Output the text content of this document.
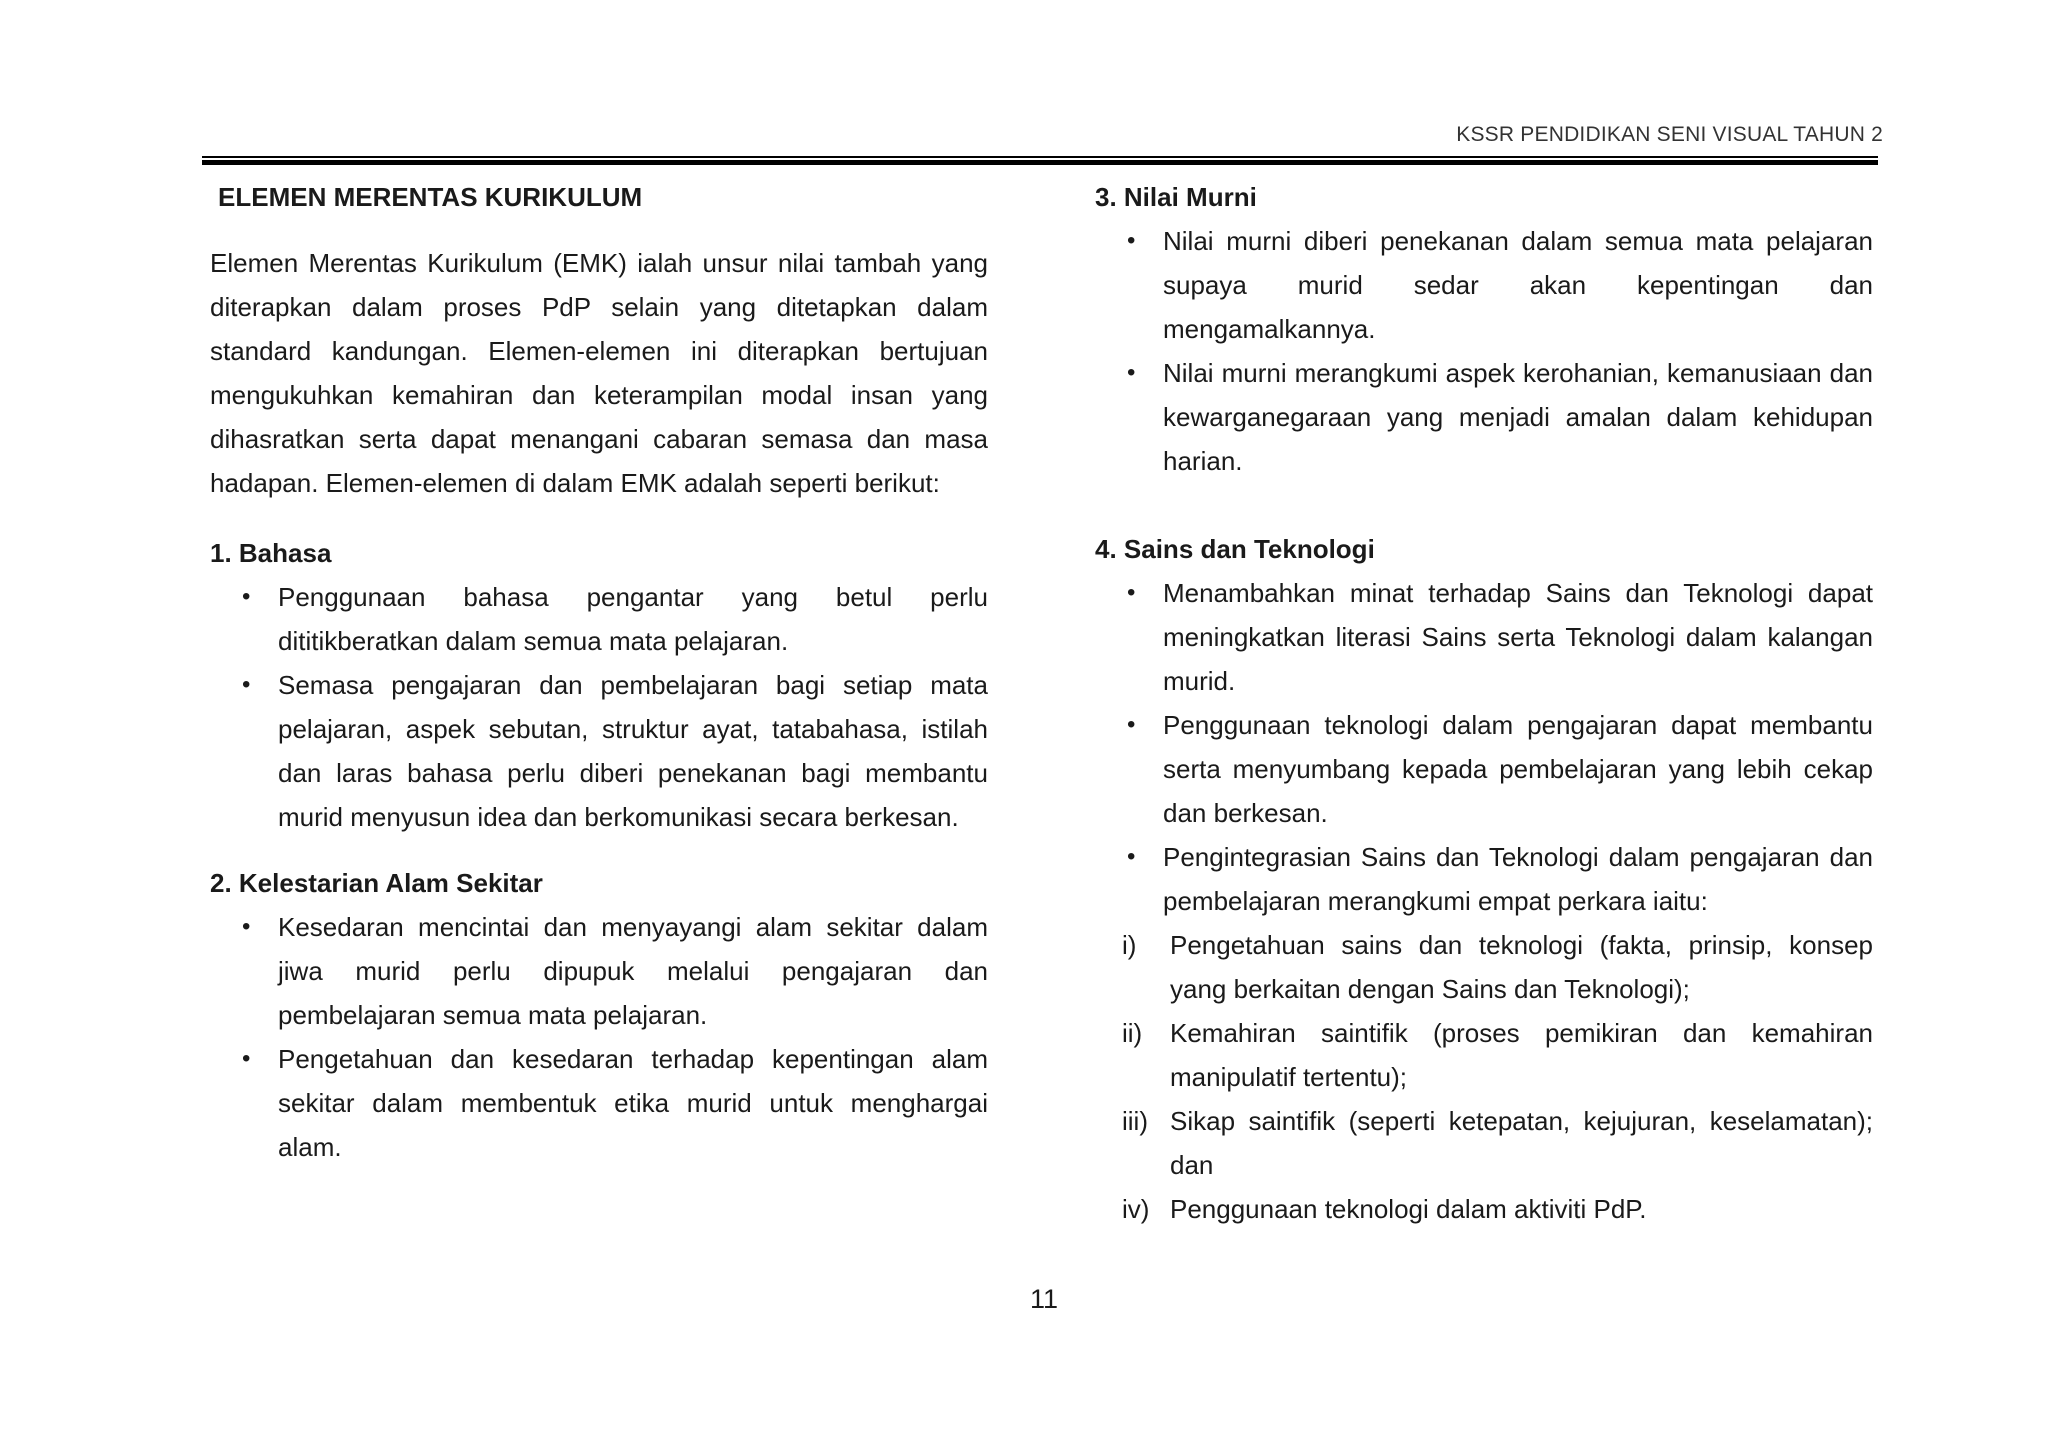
KSSR PENDIDIKAN SENI VISUAL TAHUN 2
ELEMEN MERENTAS KURIKULUM
Elemen Merentas Kurikulum (EMK) ialah unsur nilai tambah yang diterapkan dalam proses PdP selain yang ditetapkan dalam standard kandungan. Elemen-elemen ini diterapkan bertujuan mengukuhkan kemahiran dan keterampilan modal insan yang dihasratkan serta dapat menangani cabaran semasa dan masa hadapan. Elemen-elemen di dalam EMK adalah seperti berikut:
1. Bahasa
• Penggunaan bahasa pengantar yang betul perlu dititikberatkan dalam semua mata pelajaran.
• Semasa pengajaran dan pembelajaran bagi setiap mata pelajaran, aspek sebutan, struktur ayat, tatabahasa, istilah dan laras bahasa perlu diberi penekanan bagi membantu murid menyusun idea dan berkomunikasi secara berkesan.
2. Kelestarian Alam Sekitar
• Kesedaran mencintai dan menyayangi alam sekitar dalam jiwa murid perlu dipupuk melalui pengajaran dan pembelajaran semua mata pelajaran.
• Pengetahuan dan kesedaran terhadap kepentingan alam sekitar dalam membentuk etika murid untuk menghargai alam.
3. Nilai Murni
• Nilai murni diberi penekanan dalam semua mata pelajaran supaya murid sedar akan kepentingan dan mengamalkannya.
• Nilai murni merangkumi aspek kerohanian, kemanusiaan dan kewarganegaraan yang menjadi amalan dalam kehidupan harian.
4. Sains dan Teknologi
• Menambahkan minat terhadap Sains dan Teknologi dapat meningkatkan literasi Sains serta Teknologi dalam kalangan murid.
• Penggunaan teknologi dalam pengajaran dapat membantu serta menyumbang kepada pembelajaran yang lebih cekap dan berkesan.
• Pengintegrasian Sains dan Teknologi dalam pengajaran dan pembelajaran merangkumi empat perkara iaitu:
i) Pengetahuan sains dan teknologi (fakta, prinsip, konsep yang berkaitan dengan Sains dan Teknologi);
ii) Kemahiran saintifik (proses pemikiran dan kemahiran manipulatif tertentu);
iii) Sikap saintifik (seperti ketepatan, kejujuran, keselamatan); dan
iv) Penggunaan teknologi dalam aktiviti PdP.
11
